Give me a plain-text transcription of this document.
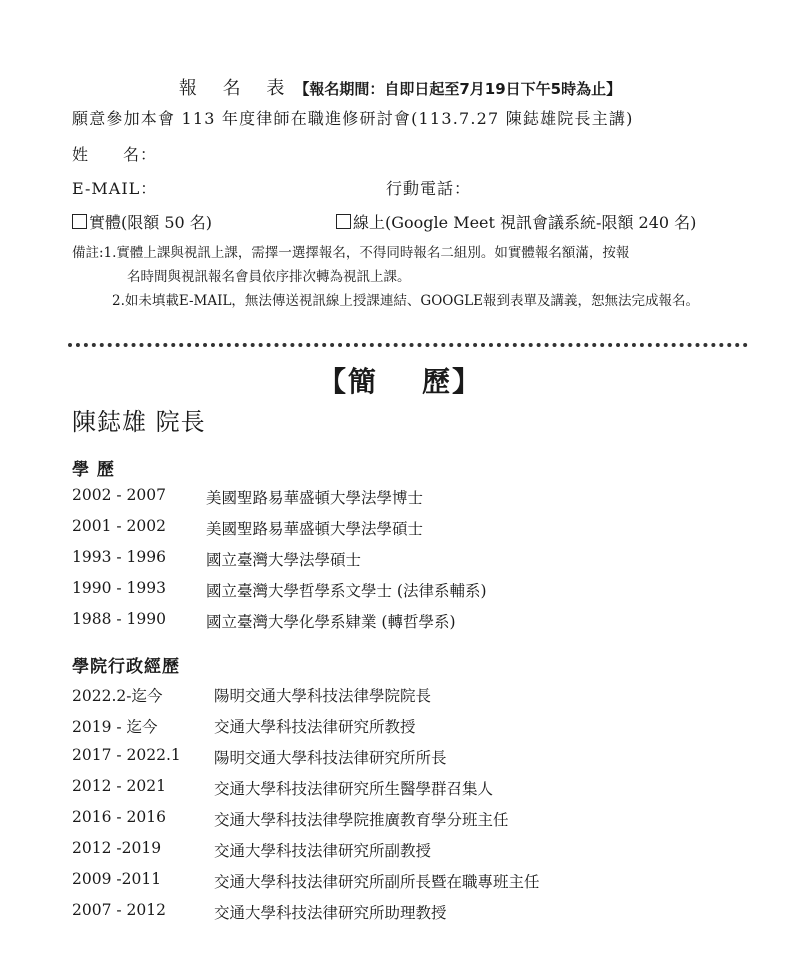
報 名 表【報名期間：自即日起至7月19日下午5時為止】
願意參加本會 113 年度律師在職進修研討會(113.7.27 陳鋕雄院長主講)
姓　　名：
E-MAIL：	行動電話：
實體(限額 50 名)	線上(Google Meet 視訊會議系統-限額 240 名)
備註:1.實體上課與視訊上課，需擇一選擇報名，不得同時報名二組別。如實體報名額滿，按報
名時間與視訊報名會員依序排次轉為視訊上課。
2.如未填載E-MAIL，無法傳送視訊線上授課連結、GOOGLE報到表單及講義，恕無法完成報名。
【簡 歷】
陳鋕雄 院長
學 歷
2002 - 2007	美國聖路易華盛頓大學法學博士
2001 - 2002	美國聖路易華盛頓大學法學碩士
1993 - 1996	國立臺灣大學法學碩士
1990 - 1993	國立臺灣大學哲學系文學士 (法律系輔系)
1988 - 1990	國立臺灣大學化學系肄業 (轉哲學系)
學院行政經歷
2022.2-迄今	陽明交通大學科技法律學院院長
2019 - 迄今	交通大學科技法律研究所教授
2017 - 2022.1 陽明交通大學科技法律研究所所長
2012 - 2021	交通大學科技法律研究所生醫學群召集人
2016 - 2016	交通大學科技法律學院推廣教育學分班主任
2012 -2019	交通大學科技法律研究所副教授
2009 -2011	交通大學科技法律研究所副所長暨在職專班主任
2007 - 2012	交通大學科技法律研究所助理教授
